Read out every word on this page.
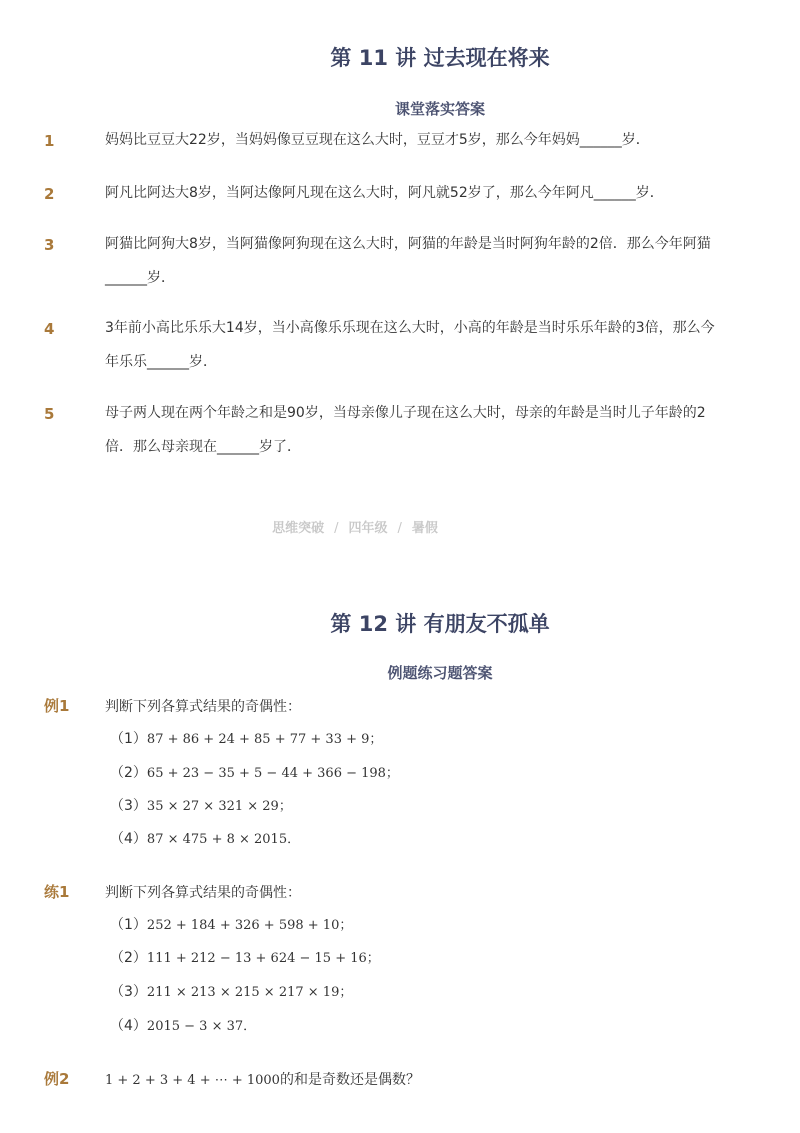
第 11 讲 过去现在将来
课堂落实答案
1	妈妈比豆豆大22岁，当妈妈像豆豆现在这么大时，豆豆才5岁，那么今年妈妈______岁．
2	阿凡比阿达大8岁，当阿达像阿凡现在这么大时，阿凡就52岁了，那么今年阿凡______岁．
3	阿猫比阿狗大8岁，当阿猫像阿狗现在这么大时，阿猫的年龄是当时阿狗年龄的2倍．那么今年阿猫______岁．
4	3年前小高比乐乐大14岁，当小高像乐乐现在这么大时，小高的年龄是当时乐乐年龄的3倍，那么今年乐乐______岁．
5	母子两人现在两个年龄之和是90岁，当母亲像儿子现在这么大时，母亲的年龄是当时儿子年龄的2倍．那么母亲现在______岁了．
思维突破 / 四年级 / 暑假
第 12 讲 有朋友不孤单
例题练习题答案
例1	判断下列各算式结果的奇偶性：
（1）87 + 86 + 24 + 85 + 77 + 33 + 9；
（2）65 + 23 − 35 + 5 − 44 + 366 − 198；
（3）35 × 27 × 321 × 29；
（4）87 × 475 + 8 × 2015．
练1	判断下列各算式结果的奇偶性：
（1）252 + 184 + 326 + 598 + 10；
（2）111 + 212 − 13 + 624 − 15 + 16；
（3）211 × 213 × 215 × 217 × 19；
（4）2015 − 3 × 37．
例2	1 + 2 + 3 + 4 + ⋯ + 1000的和是奇数还是偶数？
